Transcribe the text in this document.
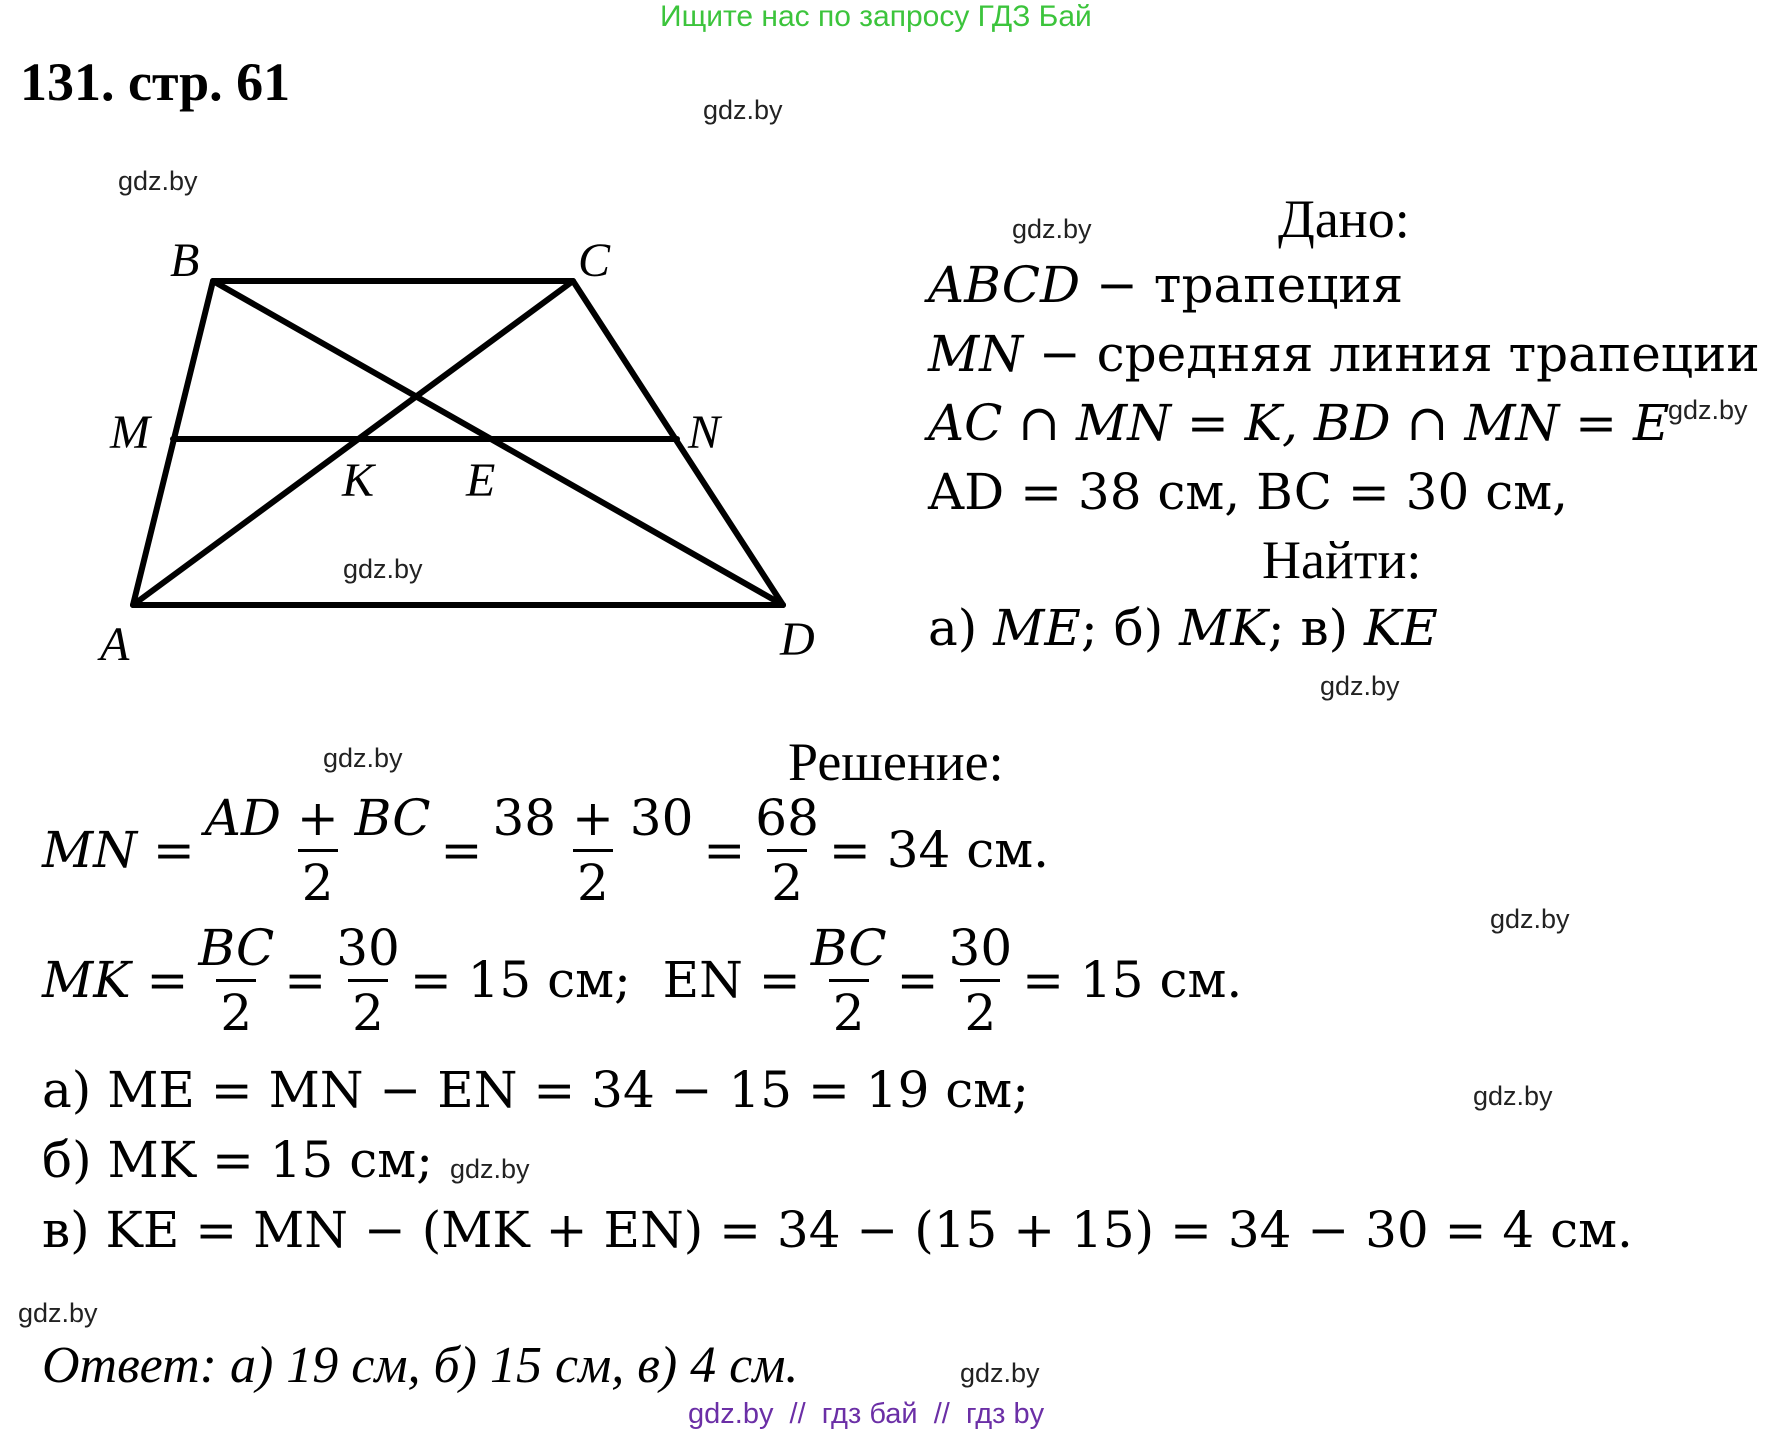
Ищите нас по запросу ГДЗ Бай
131. стр. 61	gdz.by
gdz.by
gdz.by
gdz.by
gdz.by
gdz.by
gdz.by
gdz.by
gdz.by
gdz.by
gdz.by
gdz.by
B	C
M	N
K E
A	D
Дано:
ABCD − трапеция
MN − средняя линия трапеции
AC ∩ MN = K, BD ∩ MN = E
AD = 38 см, BC = 30 см,
Найти:
а) ME; б) MK; в) KE
Решение:
MN = $\frac{AD + BC}{2} = \frac{38 + 30}{2} = \frac{68}{2} = 34$ см.
MK = $\frac{BC}{2} = \frac{30}{2} = 15$ см;  EN = $\frac{BC}{2} = \frac{30}{2} = 15$ см.
а) ME = MN − EN = 34 − 15 = 19 см;
б) MK = 15 см;
в) KE = MN − (MK + EN) = 34 − (15 + 15) = 34 − 30 = 4 см.
Ответ: а) 19 см, б) 15 см, в) 4 см.
gdz.by  //  гдз бай  //  гдз by
